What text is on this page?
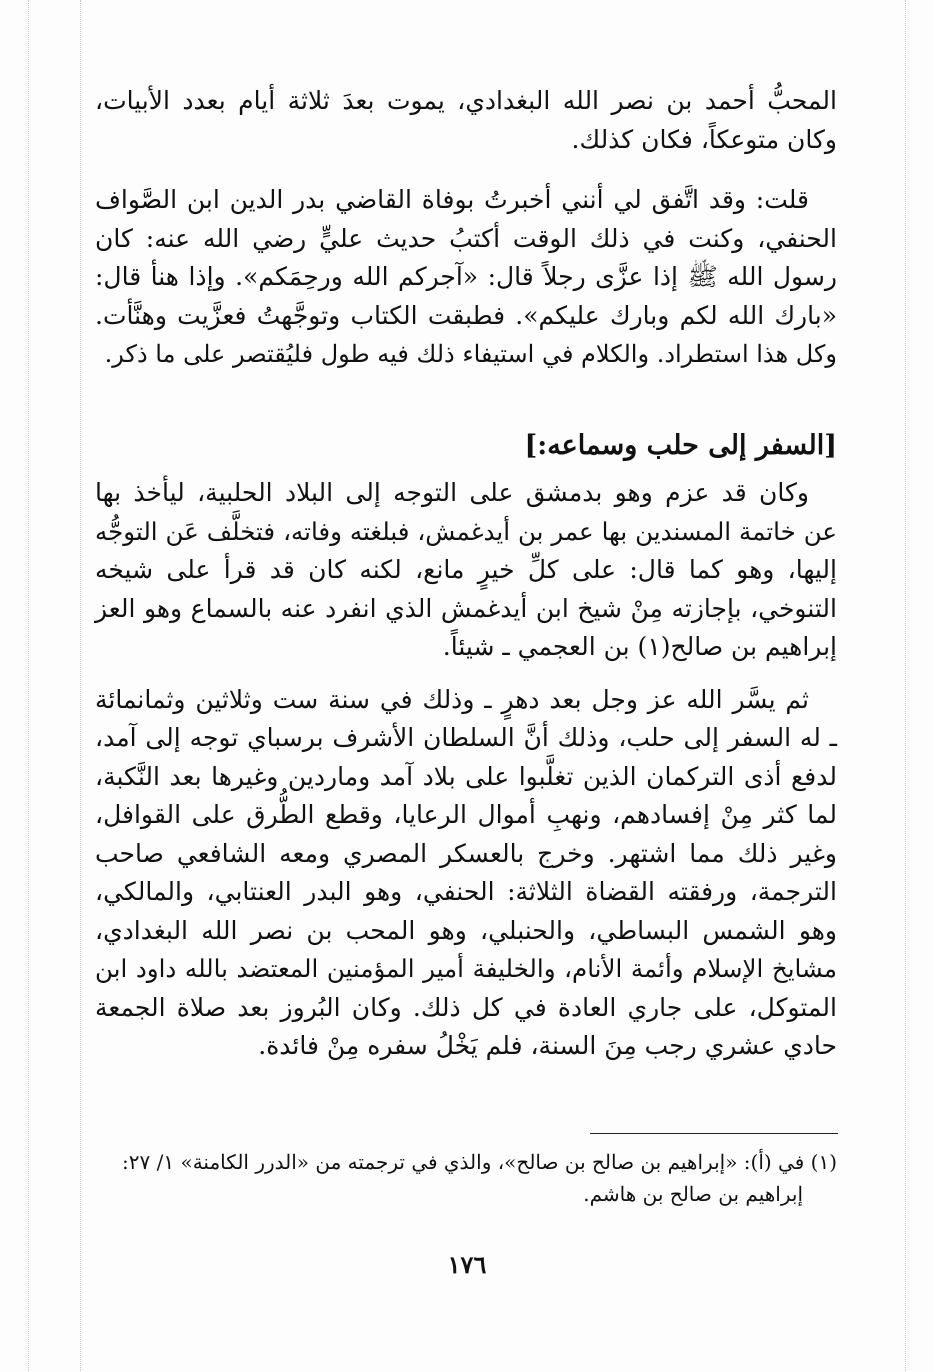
المحبُّ أحمد بن نصر الله البغدادي، يموت بعدَ ثلاثة أيام بعدد الأبيات،
وكان متوعكاً، فكان كذلك.
قلت: وقد اتَّفق لي أنني أخبرتُ بوفاة القاضي بدر الدين ابن الصَّواف
الحنفي، وكنت في ذلك الوقت أكتبُ حديث عليٍّ رضي الله عنه: كان
رسول الله ﷺ إذا عزَّى رجلاً قال: «آجركم الله ورحِمَكم». وإذا هنأ قال:
«بارك الله لكم وبارك عليكم». فطبقت الكتاب وتوجَّهتُ فعزَّيت وهنَّأت.
وكل هذا استطراد. والكلام في استيفاء ذلك فيه طول فليُقتصر على ما ذكر.
[السفر إلى حلب وسماعه:]
وكان قد عزم وهو بدمشق على التوجه إلى البلاد الحلبية، ليأخذ بها
عن خاتمة المسندين بها عمر بن أيدغمش، فبلغته وفاته، فتخلَّف عَن التوجُّه
إليها، وهو كما قال: على كلِّ خيرٍ مانع، لكنه كان قد قرأ على شيخه
التنوخي، بإجازته مِنْ شيخ ابن أيدغمش الذي انفرد عنه بالسماع وهو العز
إبراهيم بن صالح(١) بن العجمي ـ شيئاً.
ثم يسَّر الله عز وجل بعد دهرٍ ـ وذلك في سنة ست وثلاثين وثمانمائة
ـ له السفر إلى حلب، وذلك أنَّ السلطان الأشرف برسباي توجه إلى آمد،
لدفع أذى التركمان الذين تغلَّبوا على بلاد آمد وماردين وغيرها بعد النَّكبة،
لما كثر مِنْ إفسادهم، ونهبِ أموال الرعايا، وقطع الطُّرق على القوافل،
وغير ذلك مما اشتهر. وخرج بالعسكر المصري ومعه الشافعي صاحب
الترجمة، ورفقته القضاة الثلاثة: الحنفي، وهو البدر العنتابي، والمالكي،
وهو الشمس البساطي، والحنبلي، وهو المحب بن نصر الله البغدادي،
مشايخ الإسلام وأئمة الأنام، والخليفة أمير المؤمنين المعتضد بالله داود ابن
المتوكل، على جاري العادة في كل ذلك. وكان البُروز بعد صلاة الجمعة
حادي عشري رجب مِنَ السنة، فلم يَخْلُ سفره مِنْ فائدة.
(١) في (أ): «إبراهيم بن صالح بن صالح»، والذي في ترجمته من «الدرر الكامنة» ١/ ٢٧:
إبراهيم بن صالح بن هاشم.
١٧٦
